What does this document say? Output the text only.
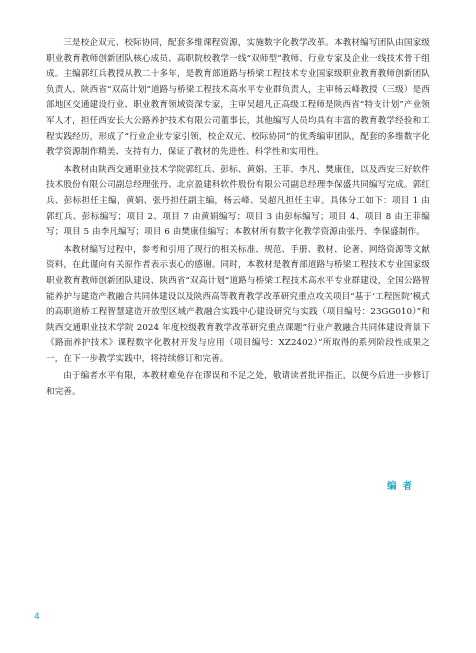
三是校企双元、校际协同，配套多维课程资源，实施数字化教学改革。本教材编写团队由国家级职业教育教师创新团队核心成员、高职院校教学一线“双师型”教师、行业专家及企业一线技术骨干组成。主编郭红兵教授从教二十多年，是教育部道路与桥梁工程技术专业国家级职业教育教师创新团队负责人、陕西省“双高计划”道路与桥梁工程技术高水平专业群负责人，主审杨云峰教授（三级）是西部地区交通建设行业、职业教育领域资深专家，主审吴超凡正高级工程师是陕西省“特支计划”产业领军人才，担任西安长大公路养护技术有限公司董事长，其他编写人员均具有丰富的教育教学经验和工程实践经历，形成了“行业企业专家引领，校企双元、校际协同”的优秀编审团队，配套的多维数字化教学资源制作精美、支持有力，保证了教材的先进性、科学性和实用性。

本教材由陕西交通职业技术学院郭红兵、彭标、黄娟、王菲、李凡、樊康佳，以及西安三好软件技术股份有限公司副总经理张丹、北京盈建科软件股份有限公司副总经理李保盛共同编写完成。郭红兵、彭标担任主编，黄娟、张丹担任副主编，杨云峰、吴超凡担任主审。具体分工如下：项目 1 由郭红兵、彭标编写；项目 2、项目 7 由黄娟编写；项目 3 由彭标编写；项目 4、项目 8 由王菲编写；项目 5 由李凡编写；项目 6 由樊康佳编写；本教材所有数字化教学资源由张丹、李保盛制作。

本教材编写过程中，参考和引用了现行的相关标准、规范、手册、教材、论著、网络资源等文献资料，在此谨向有关原作者表示衷心的感谢。同时，本教材是教育部道路与桥梁工程技术专业国家级职业教育教师创新团队建设、陕西省“双高计划”道路与桥梁工程技术高水平专业群建设，全国公路智能养护与建造产教融合共同体建设以及陕西高等教育教学改革研究重点攻关项目“基于‘工程医院’模式的高职道桥工程智慧建造开放型区域产教融合实践中心建设研究与实践（项目编号：23GG010）”和陕西交通职业技术学院 2024 年度校级教育教学改革研究重点课题“行业产教融合共同体建设背景下《路面养护技术》课程数字化教材开发与应用（项目编号：XZ2402）”所取得的系列阶段性成果之一，在下一步教学实践中，将持续修订和完善。

由于编者水平有限，本教材难免存在谬误和不足之处，敬请读者批评指正，以便今后进一步修订和完善。

编者
4
